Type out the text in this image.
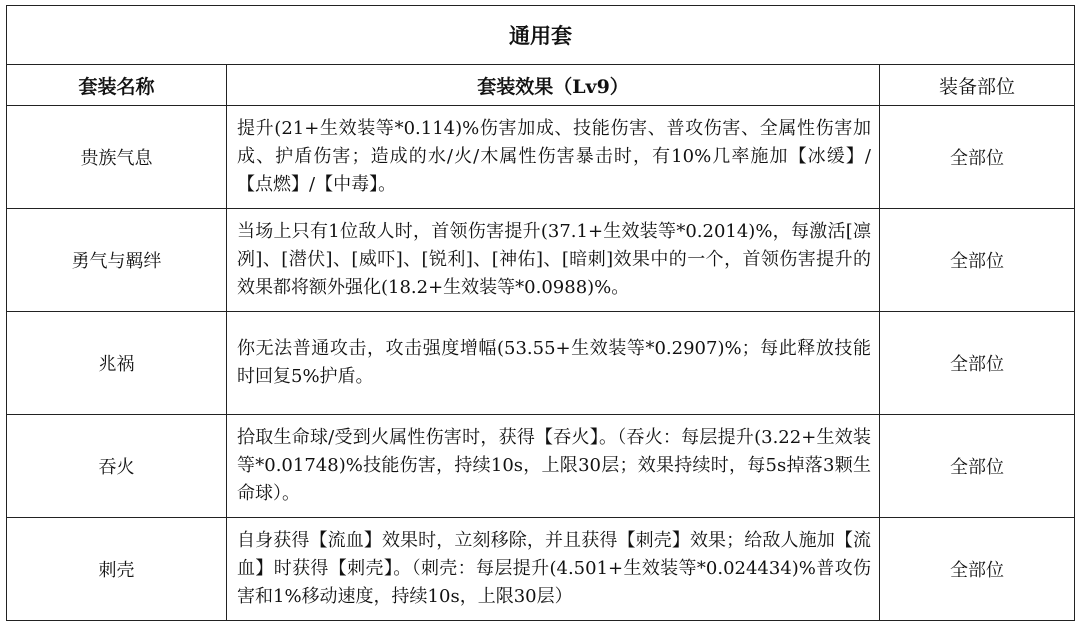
通用套		
套装名称	套装效果（Lv9）	装备部位
贵族气息	提升(21+生效装等*0.114)%伤害加成、技能伤害、普攻伤害、全属性伤害加成、护盾伤害；造成的水/火/木属性伤害暴击时，有10%几率施加【冰缓】/【点燃】/【中毒】。	全部位
勇气与羁绊	当场上只有1位敌人时，首领伤害提升(37.1+生效装等*0.2014)%，每激活[凛冽]、[潜伏]、[威吓]、[锐利]、[神佑]、[暗刺]效果中的一个，首领伤害提升的效果都将额外强化(18.2+生效装等*0.0988)%。	全部位
兆祸	你无法普通攻击，攻击强度增幅(53.55+生效装等*0.2907)%；每此释放技能时回复5%护盾。	全部位
吞火	拾取生命球/受到火属性伤害时，获得【吞火】。（吞火：每层提升(3.22+生效装等*0.01748)%技能伤害，持续10s，上限30层；效果持续时，每5s掉落3颗生命球）。	全部位
刺壳	自身获得【流血】效果时，立刻移除，并且获得【刺壳】效果；给敌人施加【流血】时获得【刺壳】。（刺壳：每层提升(4.501+生效装等*0.024434)%普攻伤害和1%移动速度，持续10s，上限30层）	全部位
